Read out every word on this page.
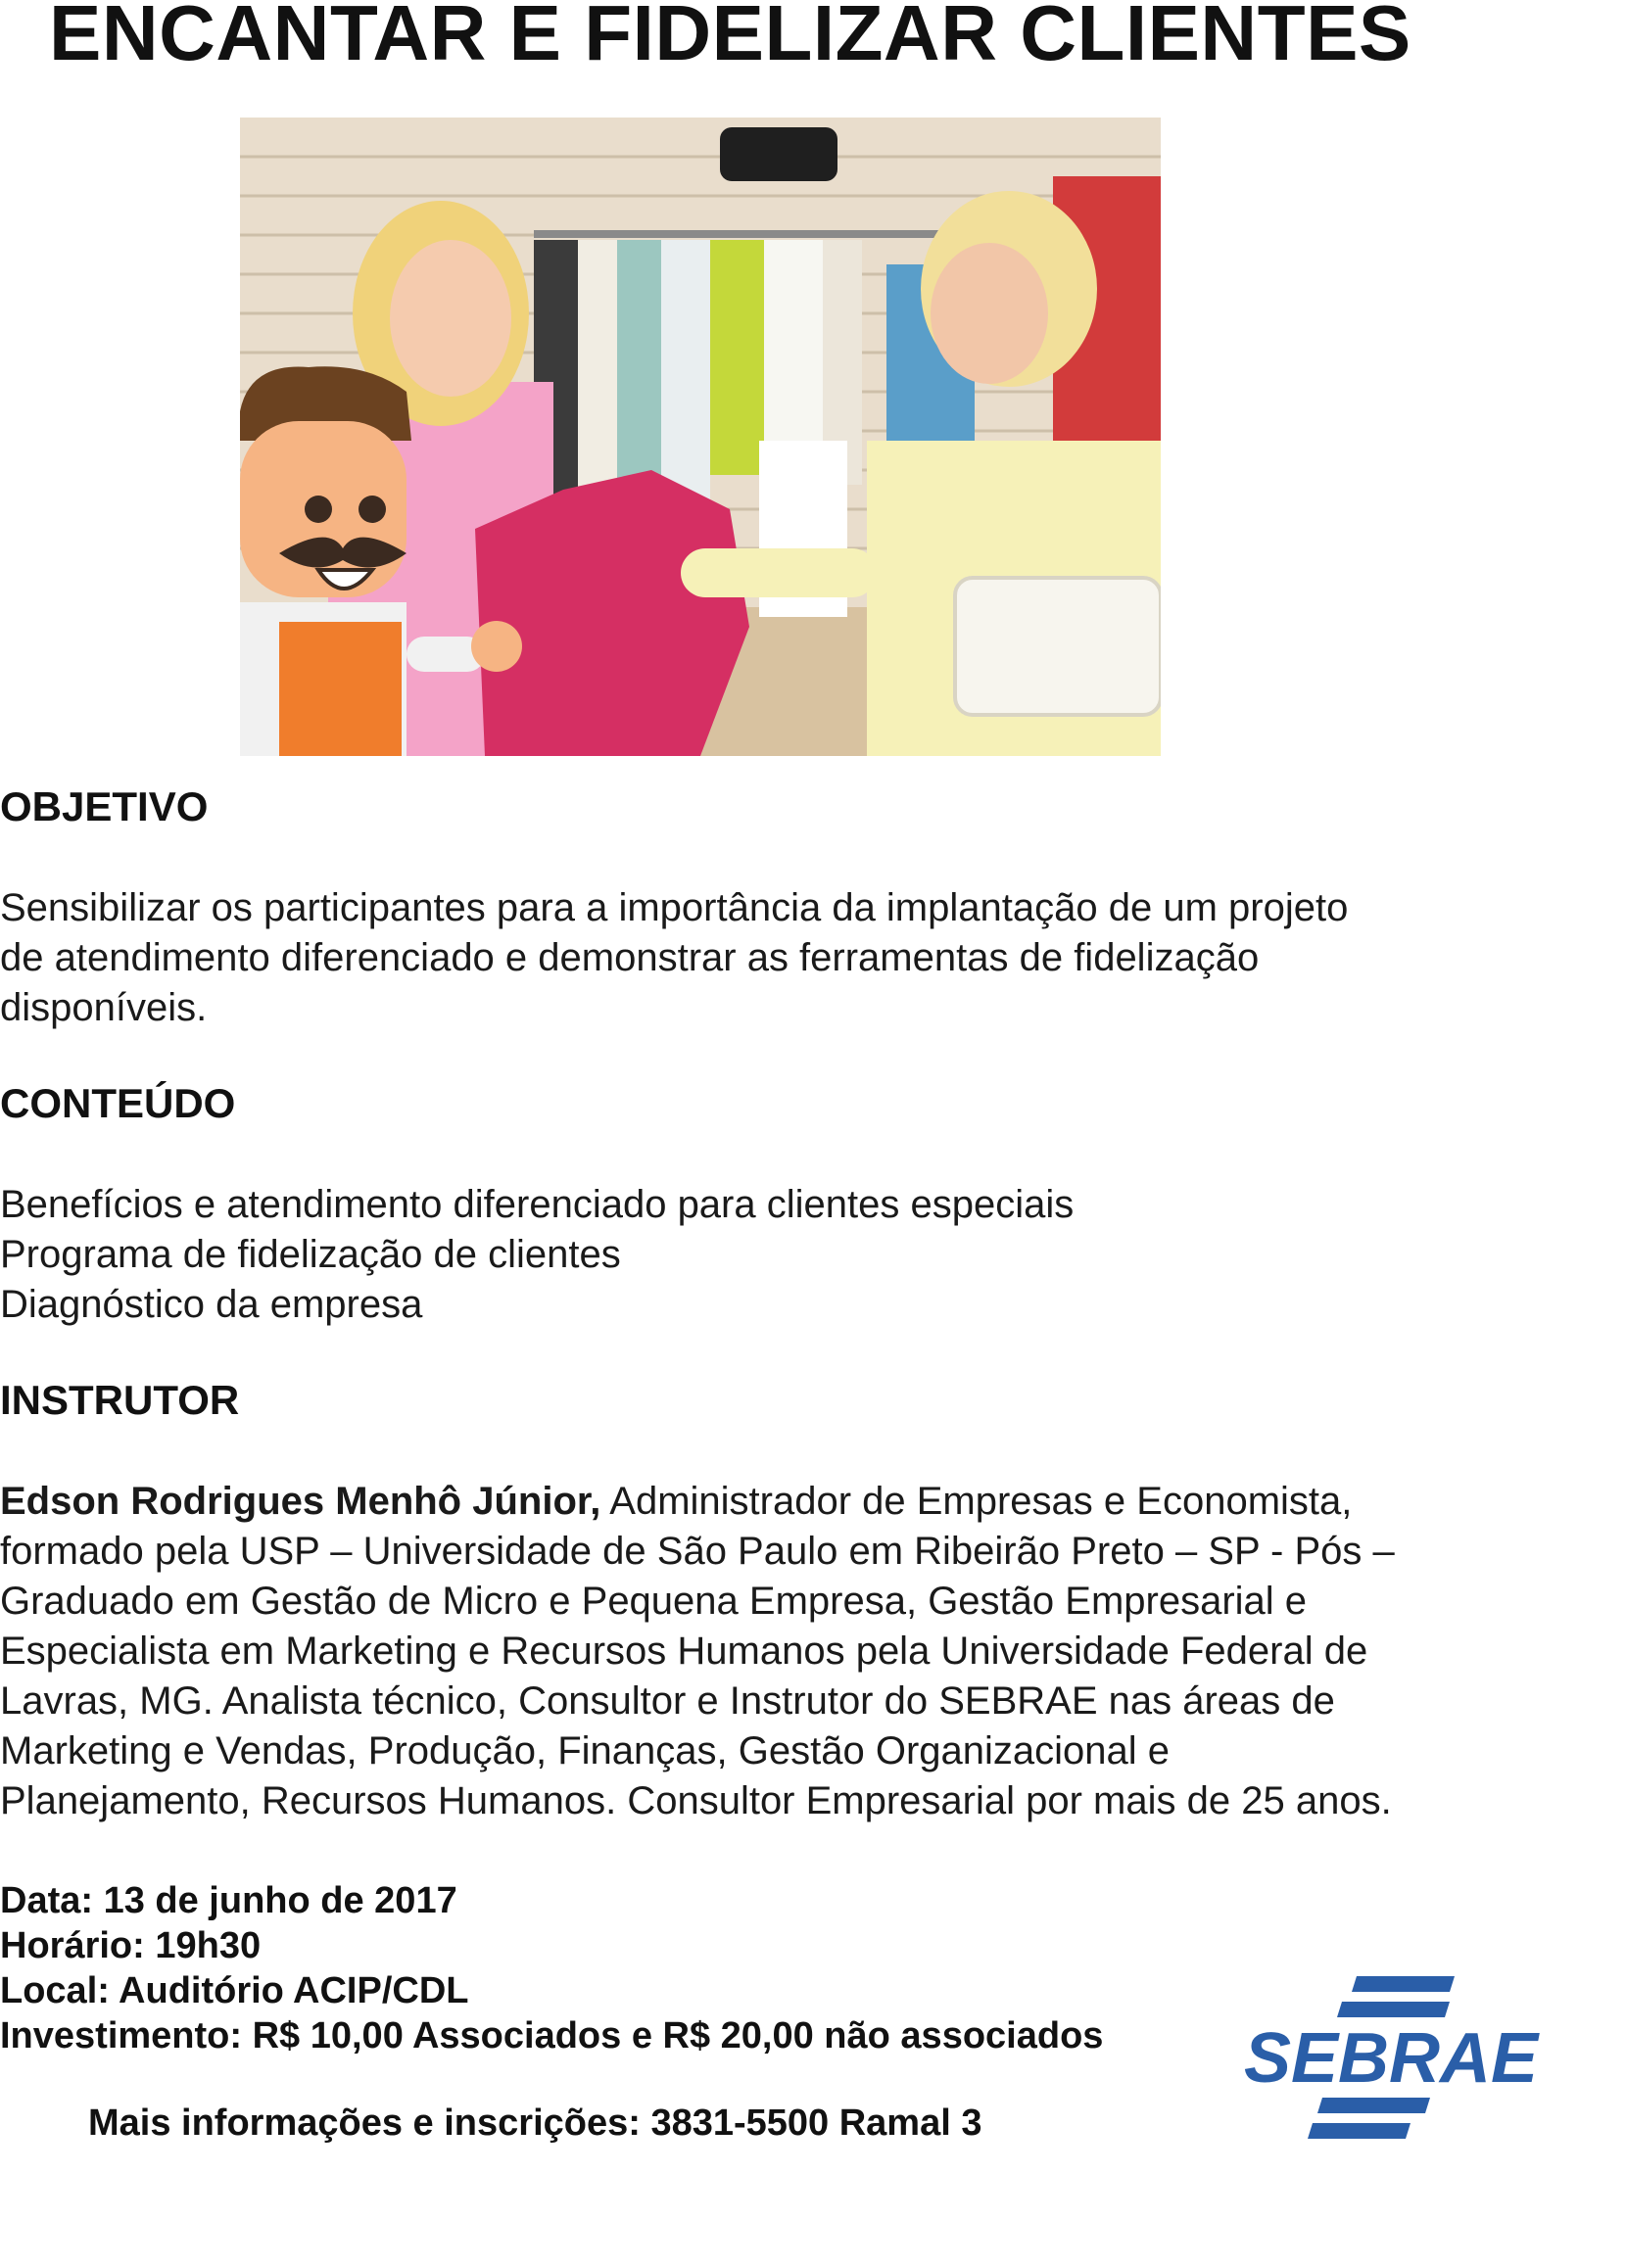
ENCANTAR E FIDELIZAR CLIENTES
OBJETIVO

Sensibilizar os participantes para a importância da implantação de um projeto
de atendimento diferenciado e demonstrar as ferramentas de fidelização
disponíveis.

CONTEÚDO

Benefícios e atendimento diferenciado para clientes especiais
Programa de fidelização de clientes
Diagnóstico da empresa

INSTRUTOR

Edson Rodrigues Menhô Júnior, Administrador de Empresas e Economista,
formado pela USP – Universidade de São Paulo em Ribeirão Preto – SP - Pós –
Graduado em Gestão de Micro e Pequena Empresa, Gestão Empresarial e
Especialista em Marketing e Recursos Humanos pela Universidade Federal de
Lavras, MG. Analista técnico, Consultor e Instrutor do SEBRAE nas áreas de
Marketing e Vendas, Produção, Finanças, Gestão Organizacional e
Planejamento, Recursos Humanos. Consultor Empresarial por mais de 25 anos.

Data: 13 de junho de 2017
Horário: 19h30
Local: Auditório ACIP/CDL
Investimento: R$ 10,00 Associados e R$ 20,00 não associados

Mais informações e inscrições: 3831-5500 Ramal 3

SEBRAE
